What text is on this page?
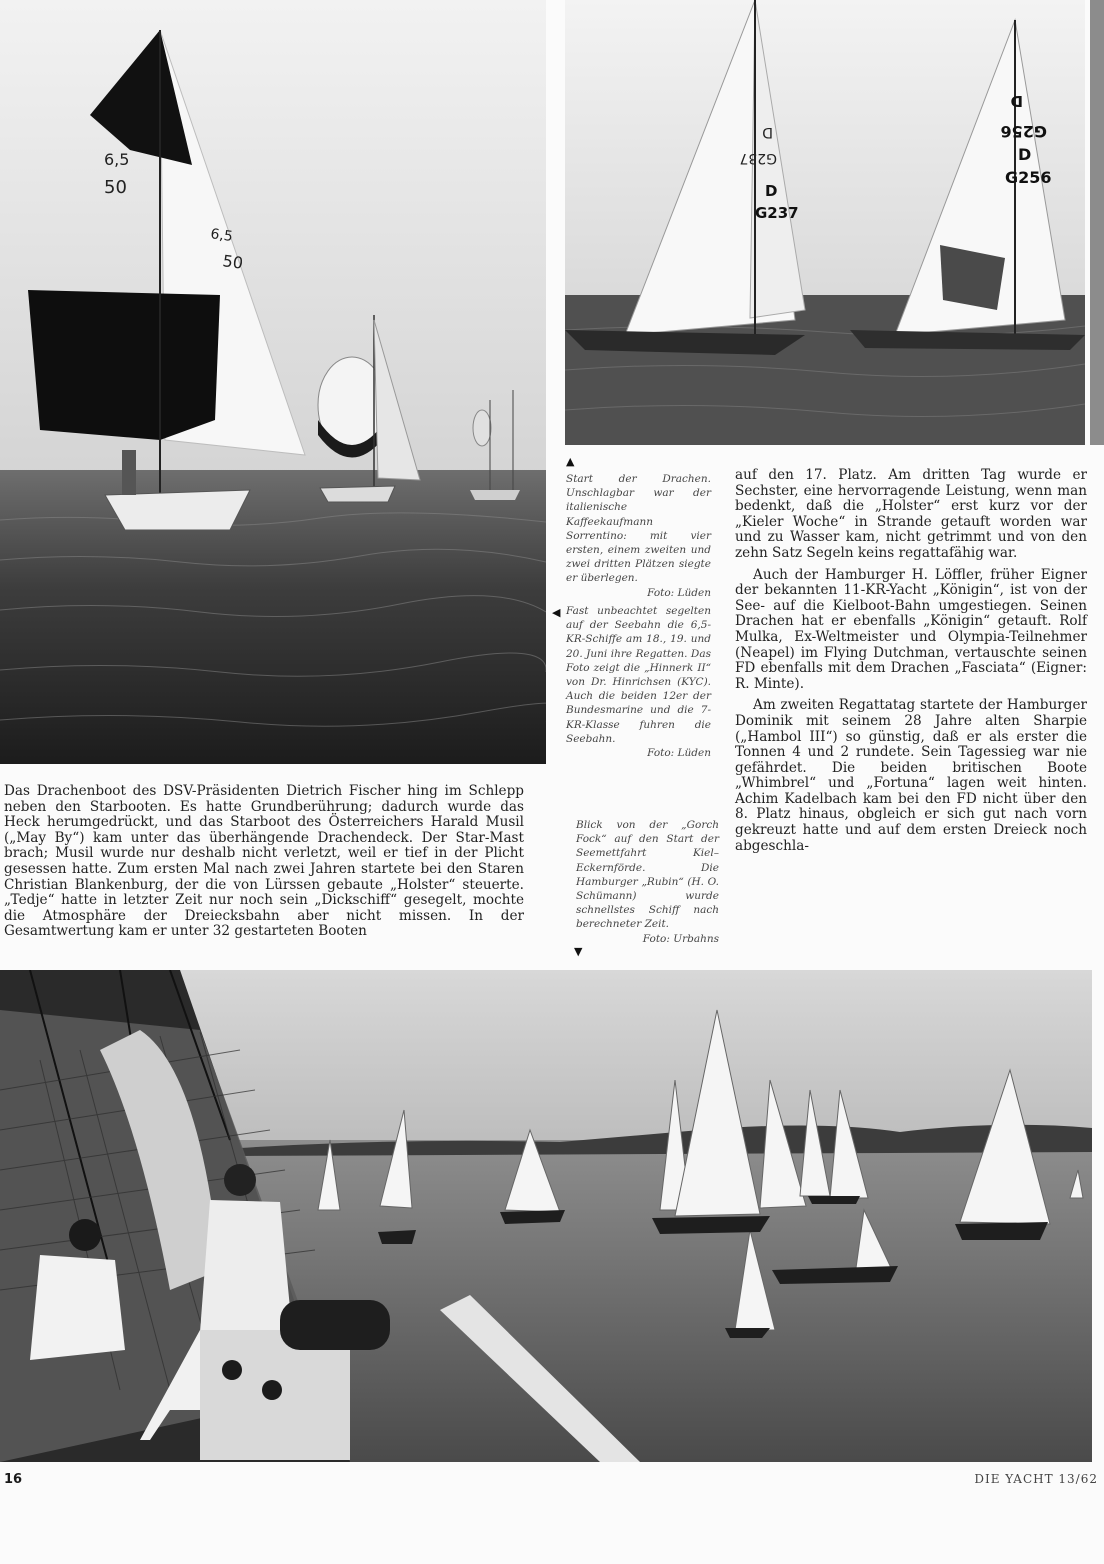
6,5
50
6,5
50
D
G237
D
G237
D
G256
D
G256
▲
Start der Drachen. Unschlagbar war der italienische Kaffeekaufmann Sorrentino: mit vier ersten, einem zweiten und zwei dritten Plätzen siegte er überlegen.
Foto: Lüden
◀ Fast unbeachtet segelten auf der Seebahn die 6,5-KR-Schiffe am 18., 19. und 20. Juni ihre Regatten. Das Foto zeigt die „Hinnerk II“ von Dr. Hinrichsen (KYC). Auch die beiden 12er der Bundesmarine und die 7-KR-Klasse fuhren die Seebahn.
Foto: Lüden
Blick von der „Gorch Fock“ auf den Start der Seemettfahrt Kiel–Eckernförde. Die Hamburger „Rubin“ (H. O. Schümann) wurde schnellstes Schiff nach berechneter Zeit.
Foto: Urbahns
▼

Das Drachenboot des DSV-Präsidenten Dietrich Fischer hing im Schlepp neben den Starbooten. Es hatte Grundberührung; dadurch wurde das Heck herumgedrückt, und das Starboot des Österreichers Harald Musil („May By“) kam unter das überhängende Drachendeck. Der Star-Mast brach; Musil wurde nur deshalb nicht verletzt, weil er tief in der Plicht gesessen hatte. Zum ersten Mal nach zwei Jahren startete bei den Staren Christian Blankenburg, der die von Lürssen gebaute „Holster“ steuerte. „Tedje“ hatte in letzter Zeit nur noch sein „Dickschiff“ gesegelt, mochte die Atmosphäre der Dreiecksbahn aber nicht missen. In der Gesamtwertung kam er unter 32 gestarteten Booten

auf den 17. Platz. Am dritten Tag wurde er Sechster, eine hervorragende Leistung, wenn man bedenkt, daß die „Holster“ erst kurz vor der „Kieler Woche“ in Strande getauft worden war und zu Wasser kam, nicht getrimmt und von den zehn Satz Segeln keins regattafähig war.

Auch der Hamburger H. Löffler, früher Eigner der bekannten 11-KR-Yacht „Königin“, ist von der See- auf die Kielboot-Bahn umgestiegen. Seinen Drachen hat er ebenfalls „Königin“ getauft. Rolf Mulka, Ex-Weltmeister und Olympia-Teilnehmer (Neapel) im Flying Dutchman, vertauschte seinen FD ebenfalls mit dem Drachen „Fasciata“ (Eigner: R. Minte).

Am zweiten Regattatag startete der Hamburger Dominik mit seinem 28 Jahre alten Sharpie („Hambol III“) so günstig, daß er als erster die Tonnen 4 und 2 rundete. Sein Tagessieg war nie gefährdet. Die beiden britischen Boote „Whimbrel“ und „Fortuna“ lagen weit hinten. Achim Kadelbach kam bei den FD nicht über den 8. Platz hinaus, obgleich er sich gut nach vorn gekreuzt hatte und auf dem ersten Dreieck noch abgeschla-

16	DIE YACHT 13/62
